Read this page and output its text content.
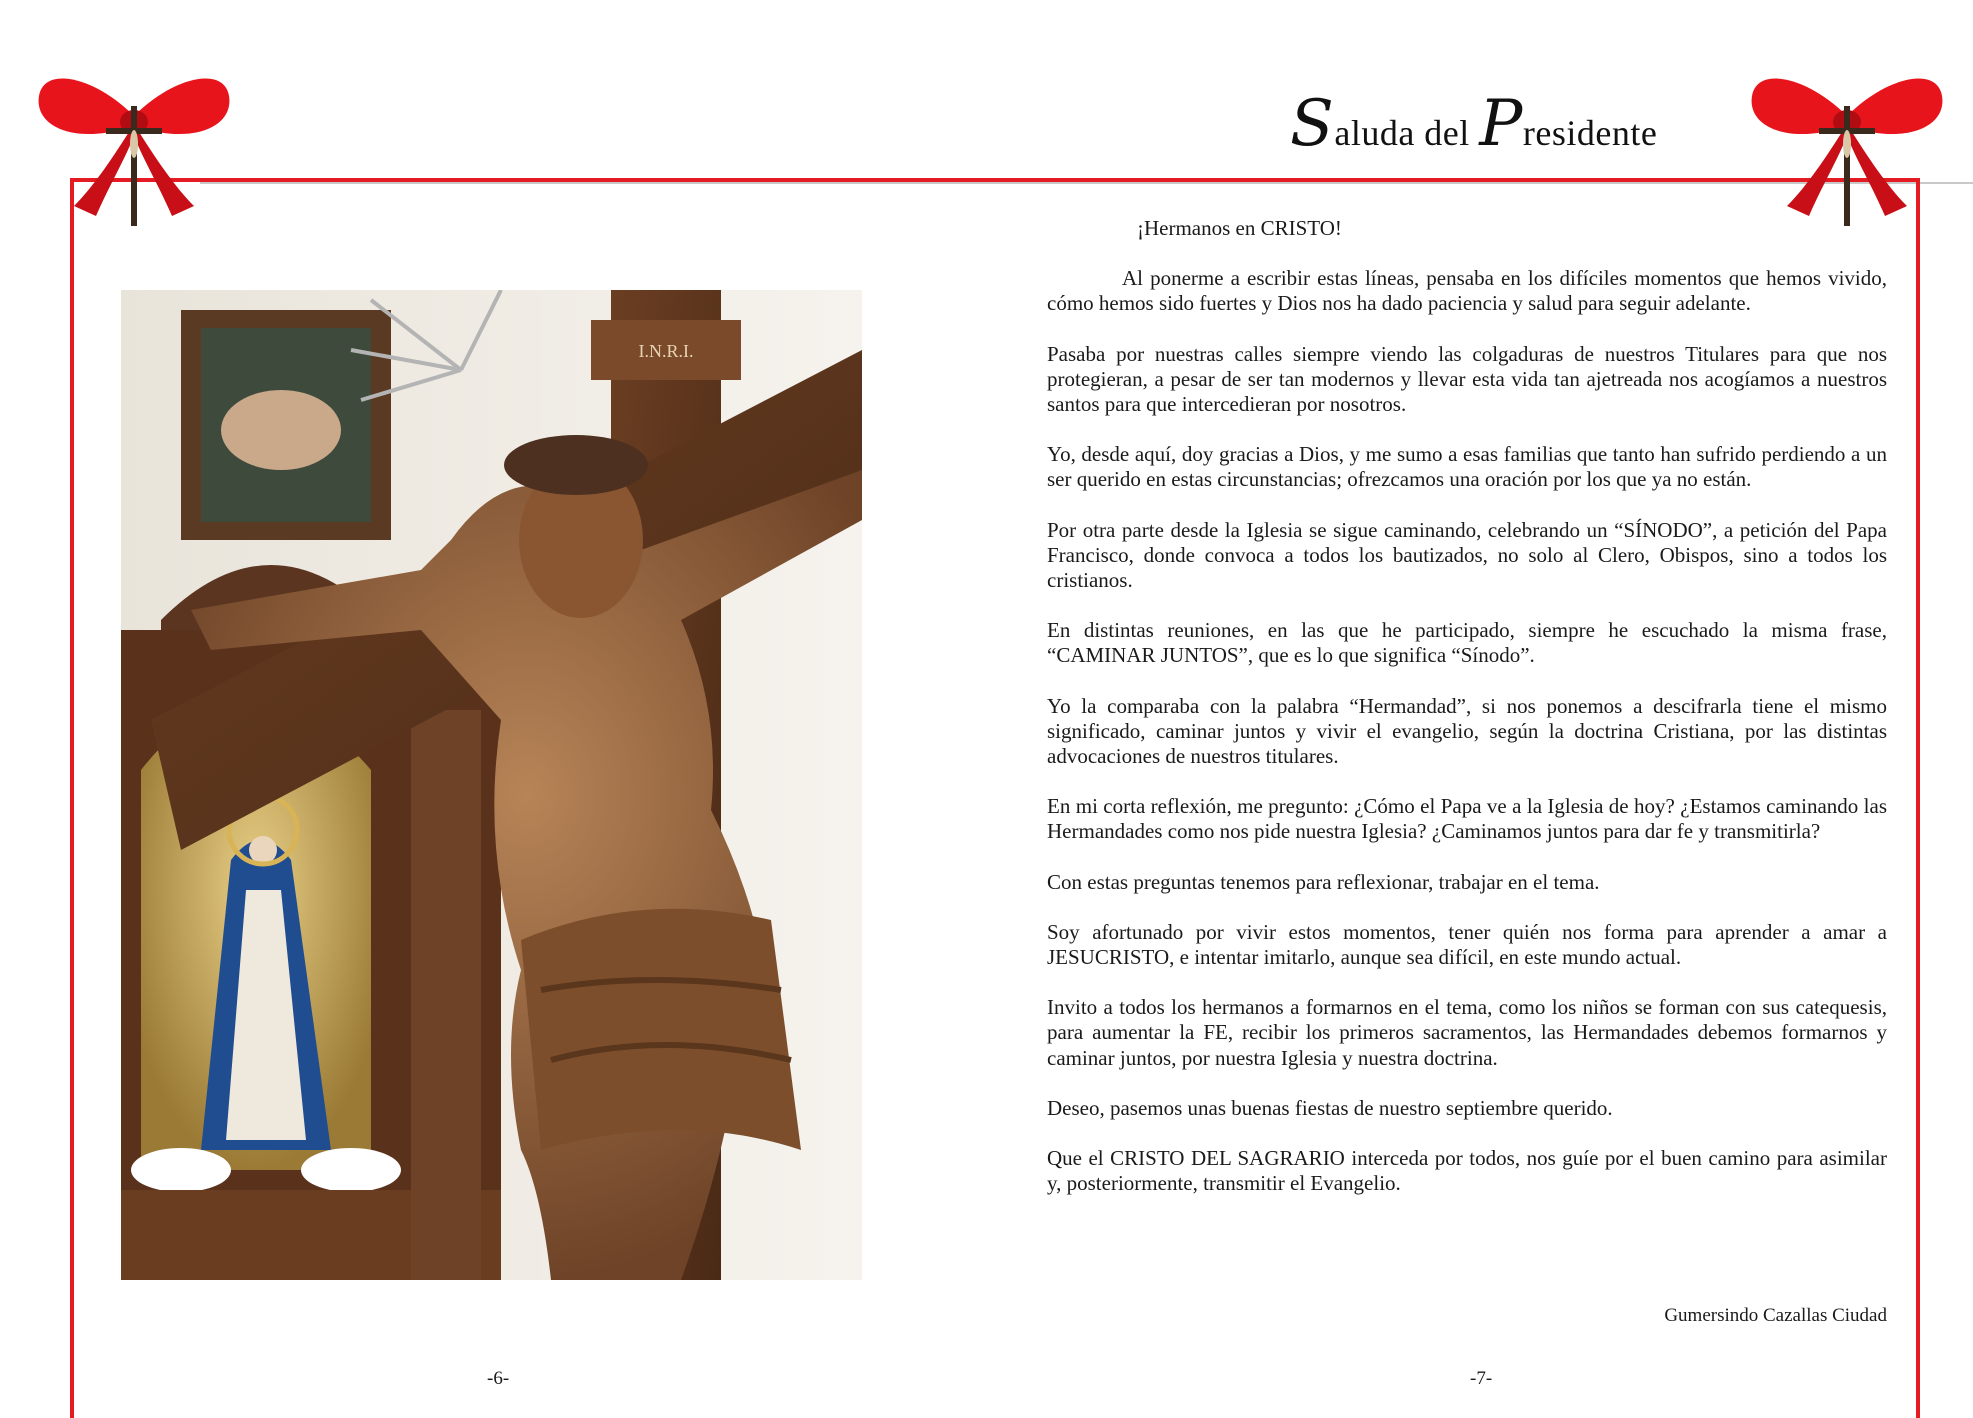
Saluda del Presidente
I.N.R.I.

¡Hermanos en CRISTO!

Al ponerme a escribir estas líneas, pensaba en los difíciles momentos que hemos vivido, cómo hemos sido fuertes y Dios nos ha dado paciencia y salud para seguir adelante.

Pasaba por nuestras calles siempre viendo las colgaduras de nuestros Titulares para que nos protegieran, a pesar de ser tan modernos y llevar esta vida tan ajetreada nos acogíamos a nuestros santos para que intercedieran por nosotros.

Yo, desde aquí, doy gracias a Dios, y me sumo a esas familias que tanto han sufrido perdiendo a un ser querido en estas circunstancias; ofrezcamos una oración por los que ya no están.

Por otra parte desde la Iglesia se sigue caminando, celebrando un “SÍNODO”, a petición del Papa Francisco, donde convoca a todos los bautizados, no solo al Clero, Obispos, sino a todos los cristianos.

En distintas reuniones, en las que he participado, siempre he escuchado la misma frase, “CAMINAR JUNTOS”, que es lo que significa “Sínodo”.

Yo la comparaba con la palabra “Hermandad”, si nos ponemos a descifrarla tiene el mismo significado, caminar juntos y vivir el evangelio, según la doctrina Cristiana, por las distintas advocaciones de nuestros titulares.

En mi corta reflexión, me pregunto: ¿Cómo el Papa ve a la Iglesia de hoy? ¿Estamos caminando las Hermandades como nos pide nuestra Iglesia? ¿Caminamos juntos para dar fe y transmitirla?

Con estas preguntas tenemos para reflexionar, trabajar en el tema.

Soy afortunado por vivir estos momentos, tener quién nos forma para aprender a amar a JESUCRISTO, e intentar imitarlo, aunque sea difícil, en este mundo actual.

Invito a todos los hermanos a formarnos en el tema, como los niños se forman con sus catequesis, para aumentar la FE, recibir los primeros sacramentos, las Hermandades debemos formarnos y caminar juntos, por nuestra Iglesia y nuestra doctrina.

Deseo, pasemos unas buenas fiestas de nuestro septiembre querido.

Que el CRISTO DEL SAGRARIO interceda por todos, nos guíe por el buen camino para asimilar y, posteriormente, transmitir el Evangelio.

Gumersindo Cazallas Ciudad
-6-	-7-
